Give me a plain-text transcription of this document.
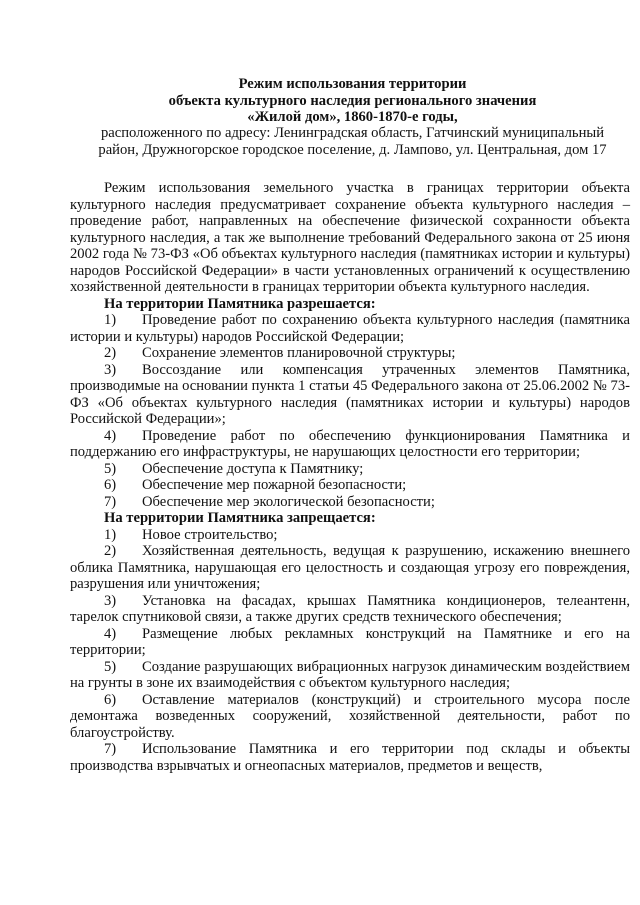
Режим использования территории
объекта культурного наследия регионального значения
«Жилой дом», 1860-1870-е годы,
расположенного по адресу: Ленинградская область, Гатчинский муниципальный
район, Дружногорское городское поселение, д. Лампово, ул. Центральная, дом 17

Режим использования земельного участка в границах территории объекта культурного наследия предусматривает сохранение объекта культурного наследия – проведение работ, направленных на обеспечение физической сохранности объекта культурного наследия, а так же выполнение требований Федерального закона от 25 июня 2002 года № 73-ФЗ «Об объектах культурного наследия (памятниках истории и культуры) народов Российской Федерации» в части установленных ограничений к осуществлению хозяйственной деятельности в границах территории объекта культурного наследия.

На территории Памятника разрешается:

1) Проведение работ по сохранению объекта культурного наследия (памятника истории и культуры) народов Российской Федерации;

2) Сохранение элементов планировочной структуры;

3) Воссоздание или компенсация утраченных элементов Памятника, производимые на основании пункта 1 статьи 45 Федерального закона от 25.06.2002 № 73-ФЗ «Об объектах культурного наследия (памятниках истории и культуры) народов Российской Федерации»;

4) Проведение работ по обеспечению функционирования Памятника и поддержанию его инфраструктуры, не нарушающих целостности его территории;

5) Обеспечение доступа к Памятнику;

6) Обеспечение мер пожарной безопасности;

7) Обеспечение мер экологической безопасности;

На территории Памятника запрещается:

1) Новое строительство;

2) Хозяйственная деятельность, ведущая к разрушению, искажению внешнего облика Памятника, нарушающая его целостность и создающая угрозу его повреждения, разрушения или уничтожения;

3) Установка на фасадах, крышах Памятника кондиционеров, телеантенн, тарелок спутниковой связи, а также других средств технического обеспечения;

4) Размещение любых рекламных конструкций на Памятнике и его на территории;

5) Создание разрушающих вибрационных нагрузок динамическим воздействием на грунты в зоне их взаимодействия с объектом культурного наследия;

6) Оставление материалов (конструкций) и строительного мусора после демонтажа возведенных сооружений, хозяйственной деятельности, работ по благоустройству.

7) Использование Памятника и его территории под склады и объекты производства взрывчатых и огнеопасных материалов, предметов и веществ,
